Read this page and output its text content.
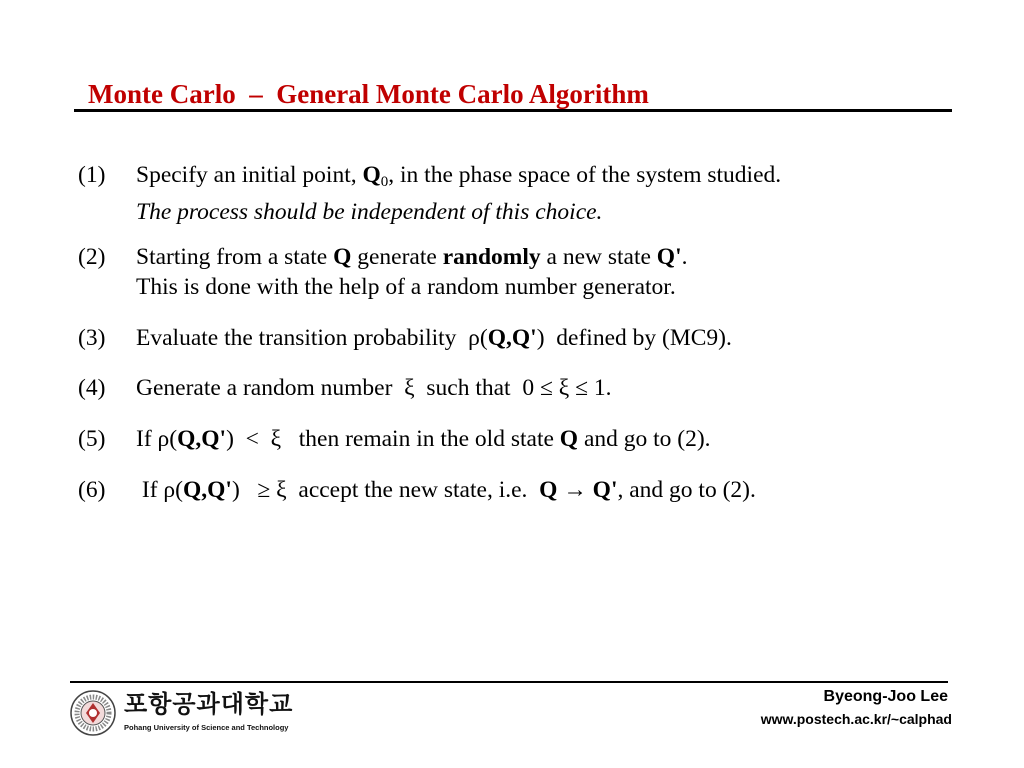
Monte Carlo  –  General Monte Carlo Algorithm
(1) Specify an initial point, $Q_0$, in the phase space of the system studied.
The process should be independent of this choice.
(2) Starting from a state Q generate randomly a new state Q'.
This is done with the help of a random number generator.
(3) Evaluate the transition probability  ρ(Q,Q')  defined by (MC9).
(4) Generate a random number  ξ  such that  0 ≤ ξ ≤ 1.
(5) If ρ(Q,Q')  <  ξ   then remain in the old state Q and go to (2).
(6) If ρ(Q,Q')   ≥ ξ  accept the new state, i.e.  Q → Q', and go to (2).
포항공과대학교
Pohang University of Science and Technology
Byeong-Joo Lee
www.postech.ac.kr/~calphad
